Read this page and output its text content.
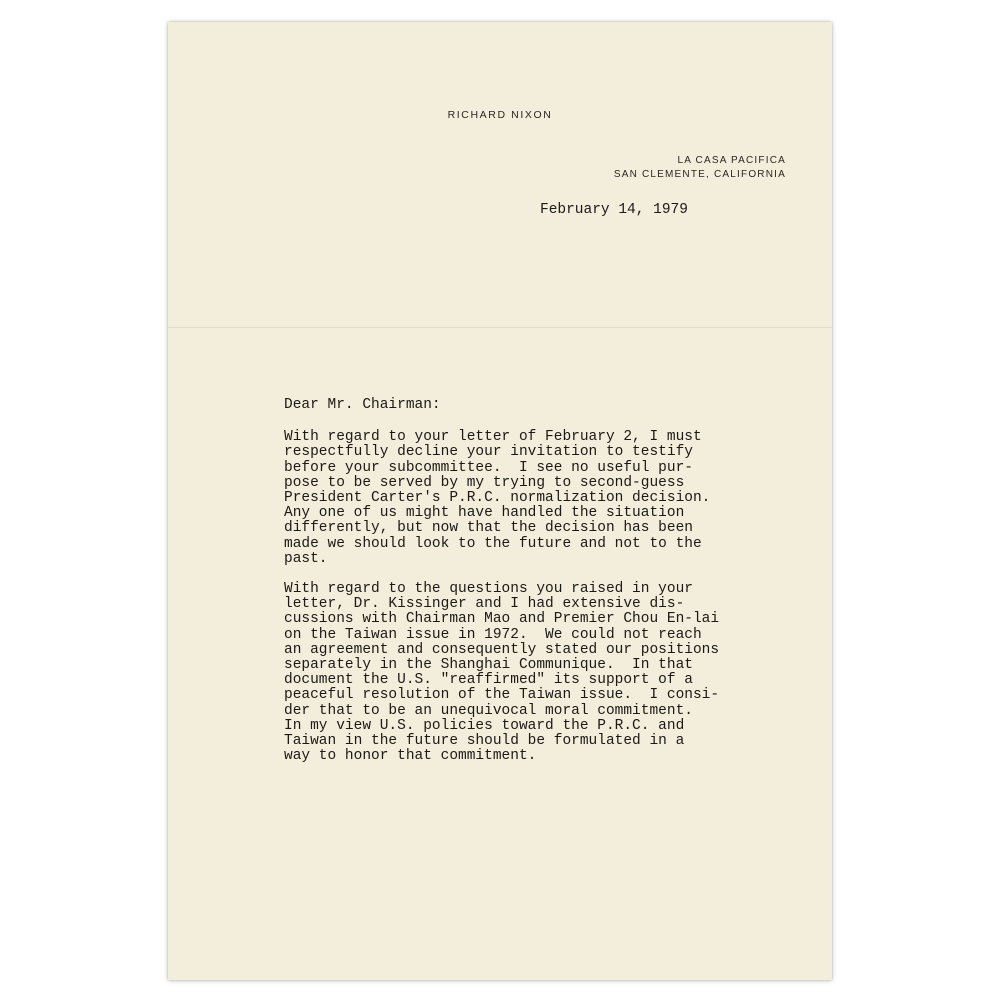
RICHARD NIXON

LA CASA PACIFICA
SAN CLEMENTE, CALIFORNIA

February 14, 1979

Dear Mr. Chairman:

With regard to your letter of February 2, I must
respectfully decline your invitation to testify
before your subcommittee.  I see no useful pur-
pose to be served by my trying to second-guess
President Carter's P.R.C. normalization decision.
Any one of us might have handled the situation
differently, but now that the decision has been
made we should look to the future and not to the
past.

With regard to the questions you raised in your
letter, Dr. Kissinger and I had extensive dis-
cussions with Chairman Mao and Premier Chou En-lai
on the Taiwan issue in 1972.  We could not reach
an agreement and consequently stated our positions
separately in the Shanghai Communique.  In that
document the U.S. "reaffirmed" its support of a
peaceful resolution of the Taiwan issue.  I consi-
der that to be an unequivocal moral commitment.
In my view U.S. policies toward the P.R.C. and
Taiwan in the future should be formulated in a
way to honor that commitment.
